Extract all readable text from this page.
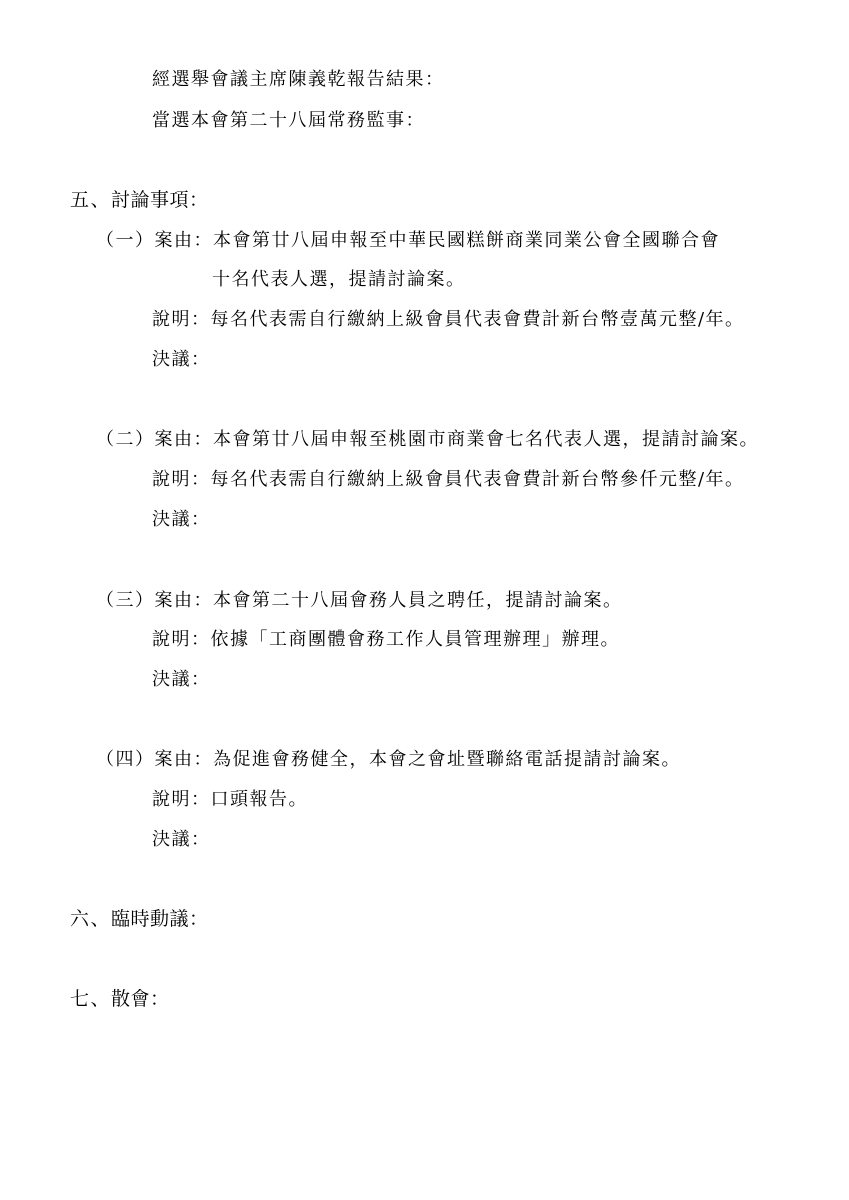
經選舉會議主席陳義乾報告結果：
當選本會第二十八屆常務監事：
五、討論事項：
（一）案由：本會第廿八屆申報至中華民國糕餅商業同業公會全國聯合會
十名代表人選，提請討論案。
說明：每名代表需自行繳納上級會員代表會費計新台幣壹萬元整/年。
決議：
（二）案由：本會第廿八屆申報至桃園市商業會七名代表人選，提請討論案。
說明：每名代表需自行繳納上級會員代表會費計新台幣參仟元整/年。
決議：
（三）案由：本會第二十八屆會務人員之聘任，提請討論案。
說明：依據「工商團體會務工作人員管理辦理」辦理。
決議：
（四）案由：為促進會務健全，本會之會址暨聯絡電話提請討論案。
說明：口頭報告。
決議：
六、臨時動議：
七、散會：
